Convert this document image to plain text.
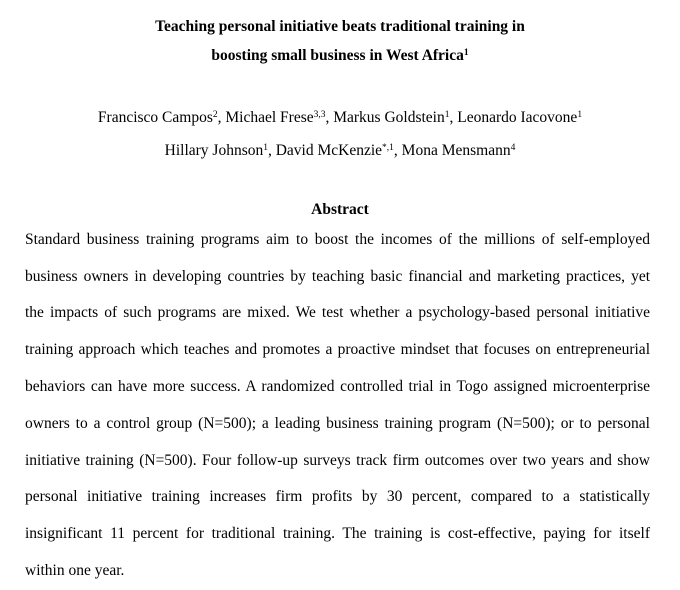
Teaching personal initiative beats traditional training in
boosting small business in West Africa$^1$
Francisco Campos$^2$, Michael Frese$^{3,3}$, Markus Goldstein$^1$, Leonardo Iacovone$^1$
Hillary Johnson$^1$, David McKenzie$^{*,1}$, Mona Mensmann$^4$
Abstract
Standard business training programs aim to boost the incomes of the millions of self-employed
business owners in developing countries by teaching basic financial and marketing practices, yet
the impacts of such programs are mixed. We test whether a psychology-based personal initiative
training approach which teaches and promotes a proactive mindset that focuses on entrepreneurial
behaviors can have more success. A randomized controlled trial in Togo assigned microenterprise
owners to a control group (N=500); a leading business training program (N=500); or to personal
initiative training (N=500). Four follow-up surveys track firm outcomes over two years and show
personal initiative training increases firm profits by 30 percent, compared to a statistically
insignificant 11 percent for traditional training. The training is cost-effective, paying for itself
within one year.
